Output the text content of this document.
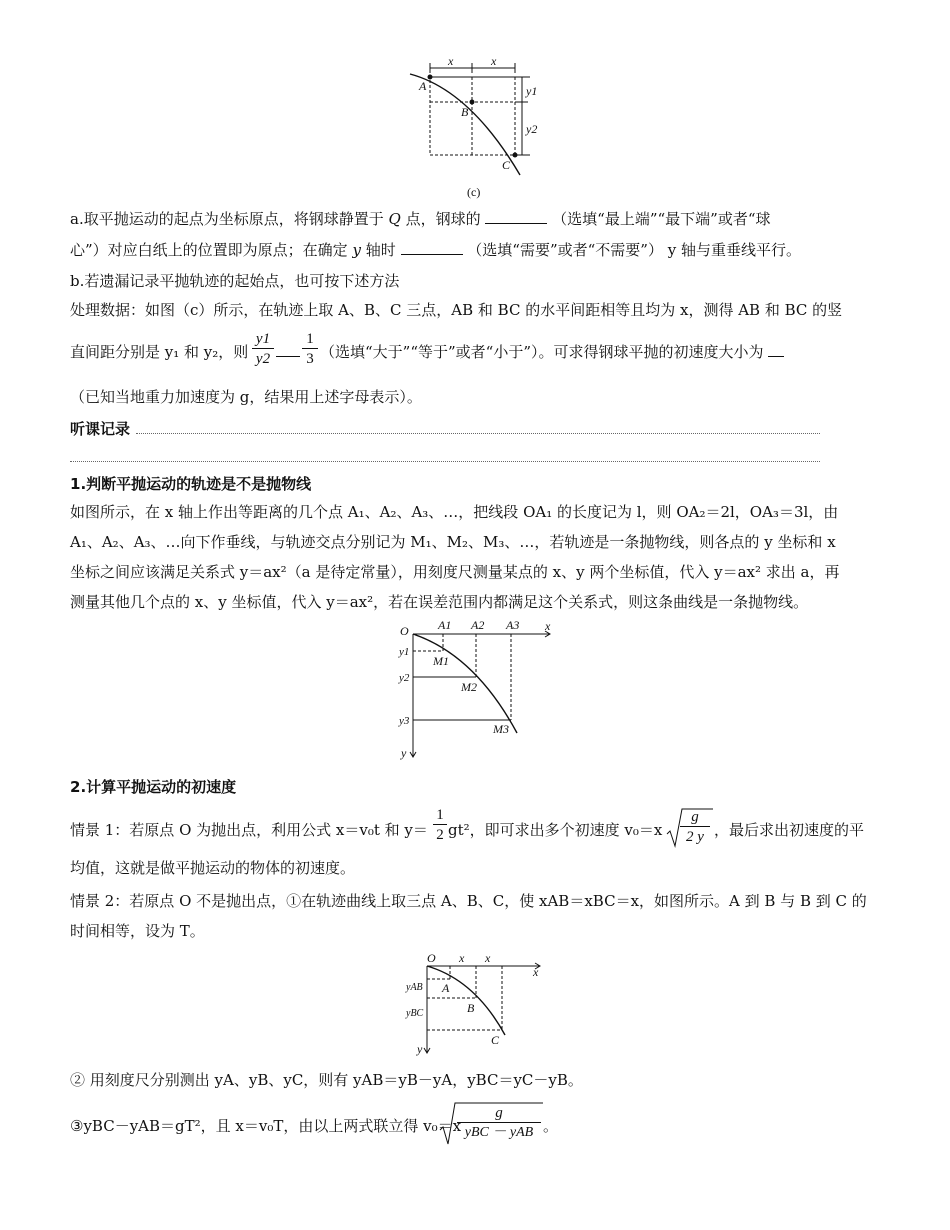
x	x
y1
y2
A
B
C
(c)
a.取平抛运动的起点为坐标原点，将钢球静置于 Q 点，钢球的	（选填“最上端”“最下端”或者“球
心”）对应白纸上的位置即为原点；在确定 y 轴时	（选填“需要”或者“不需要”） y 轴与重垂线平行。
b.若遗漏记录平抛轨迹的起始点，也可按下述方法
处理数据：如图（c）所示，在轨迹上取 A、B、C 三点，AB 和 BC 的水平间距相等且均为 x，测得 AB 和 BC 的竖
直间距分别是 y₁ 和 y₂，则 $\frac{y1}{y2} \frac{1}{3}$ （选填“大于”“等于”或者“小于”）。可求得钢球平抛的初速度大小为
（已知当地重力加速度为 g，结果用上述字母表示）。
听课记录
1.判断平抛运动的轨迹是不是抛物线
如图所示，在 x 轴上作出等距离的几个点 A₁、A₂、A₃、…，把线段 OA₁ 的长度记为 l，则 OA₂＝2l，OA₃＝3l，由
A₁、A₂、A₃、…向下作垂线，与轨迹交点分别记为 M₁、M₂、M₃、…，若轨迹是一条抛物线，则各点的 y 坐标和 x
坐标之间应该满足关系式 y＝ax²（a 是待定常量），用刻度尺测量某点的 x、y 两个坐标值，代入 y＝ax² 求出 a，再
测量其他几个点的 x、y 坐标值，代入 y＝ax²，若在误差范围内都满足这个关系式，则这条曲线是一条抛物线。
O	x
y
A1 A2 A3
y1
y2
y3
M1
M2
M3
2.计算平抛运动的初速度
情景 1：若原点 O 为抛出点，利用公式 x＝v₀t 和 $y= \frac{1}{2} gt^2$，即可求出多个初速度 $v_0=x \frac{g}{2 y}$ ，最后求出初速度的平
均值，这就是做平抛运动的物体的初速度。
情景 2：若原点 O 不是抛出点，①在轨迹曲线上取三点 A、B、C，使 xAB＝xBC＝x，如图所示。A 到 B 与 B 到 C 的
时间相等，设为 T。
O x x
x
y
yAB
yBC
A
B
C
② 用刻度尺分别测出 yA、yB、yC，则有 yAB＝yB－yA，yBC＝yC－yB。
③yBC－yAB＝gT²，且 x＝v₀T，由以上两式联立得 v₀＝x
g
yBC － yAB 。
